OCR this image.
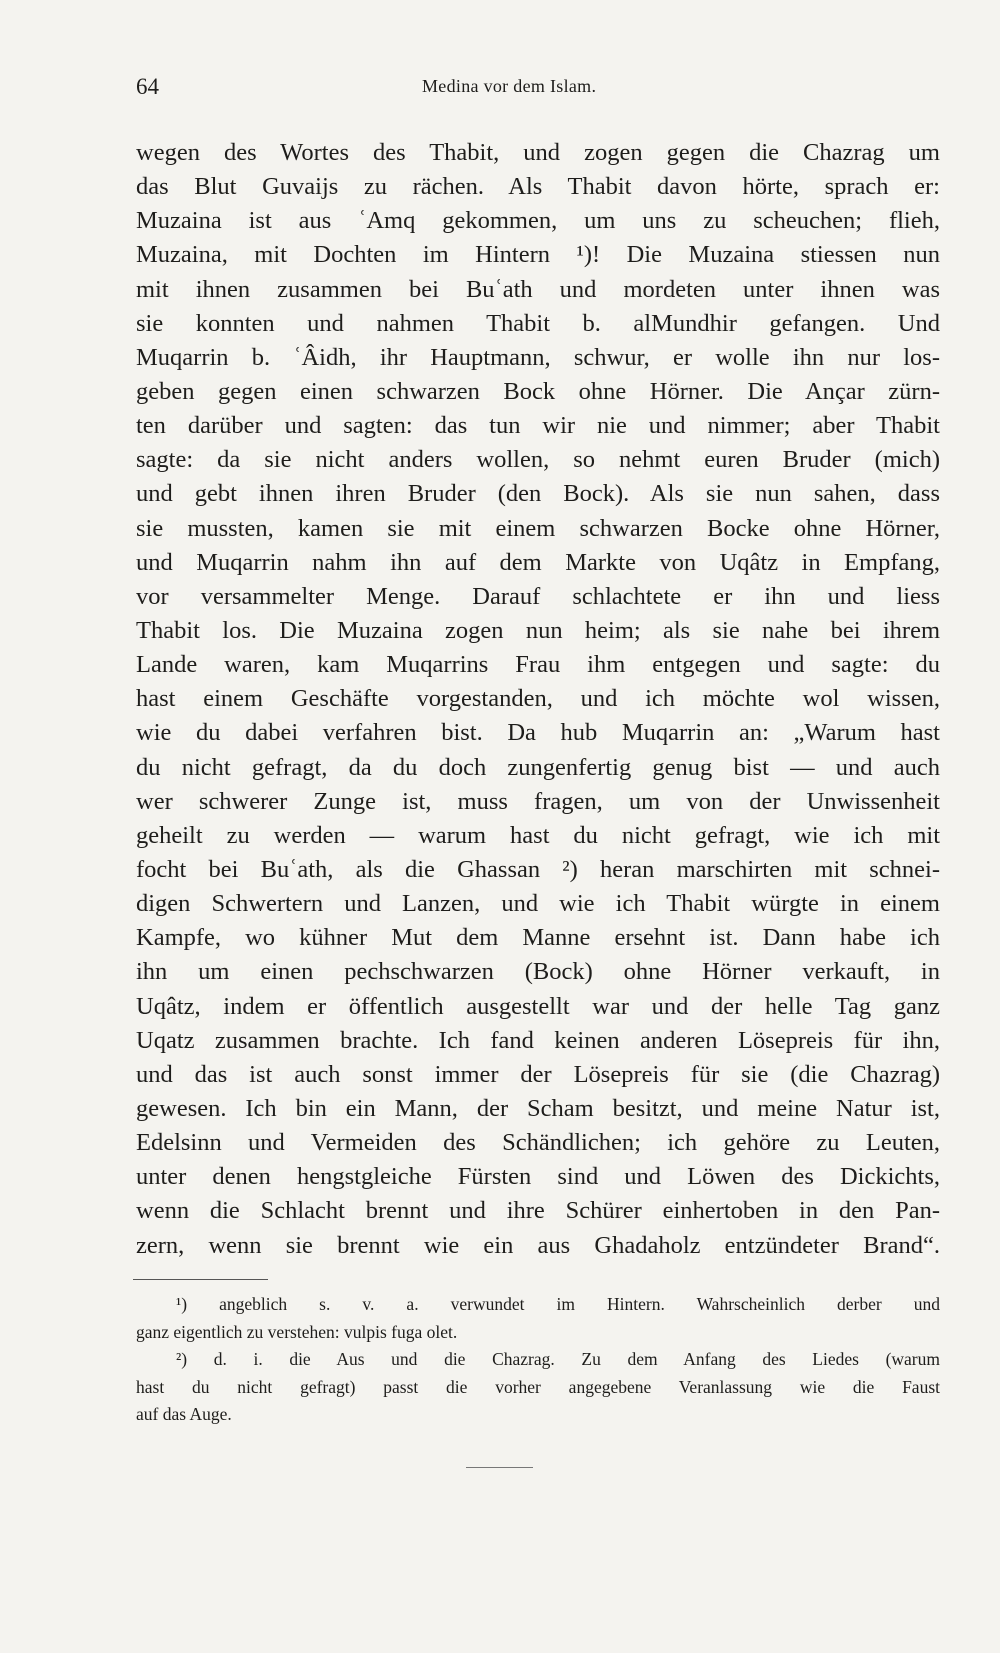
64	Medina vor dem Islam.
wegen des Wortes des Thabit, und zogen gegen die Chazrag um
das Blut Guvaijs zu rächen. Als Thabit davon hörte, sprach er:
Muzaina ist aus ʿAmq gekommen, um uns zu scheuchen; flieh,
Muzaina, mit Dochten im Hintern ¹)! Die Muzaina stiessen nun
mit ihnen zusammen bei Buʿath und mordeten unter ihnen was
sie konnten und nahmen Thabit b. alMundhir gefangen. Und
Muqarrin b. ʿÂidh, ihr Hauptmann, schwur, er wolle ihn nur los-
geben gegen einen schwarzen Bock ohne Hörner. Die Ançar zürn-
ten darüber und sagten: das tun wir nie und nimmer; aber Thabit
sagte: da sie nicht anders wollen, so nehmt euren Bruder (mich)
und gebt ihnen ihren Bruder (den Bock). Als sie nun sahen, dass
sie mussten, kamen sie mit einem schwarzen Bocke ohne Hörner,
und Muqarrin nahm ihn auf dem Markte von Uqâtz in Empfang,
vor versammelter Menge. Darauf schlachtete er ihn und liess
Thabit los. Die Muzaina zogen nun heim; als sie nahe bei ihrem
Lande waren, kam Muqarrins Frau ihm entgegen und sagte: du
hast einem Geschäfte vorgestanden, und ich möchte wol wissen,
wie du dabei verfahren bist. Da hub Muqarrin an: „Warum hast
du nicht gefragt, da du doch zungenfertig genug bist — und auch
wer schwerer Zunge ist, muss fragen, um von der Unwissenheit
geheilt zu werden — warum hast du nicht gefragt, wie ich mit
focht bei Buʿath, als die Ghassan ²) heran marschirten mit schnei-
digen Schwertern und Lanzen, und wie ich Thabit würgte in einem
Kampfe, wo kühner Mut dem Manne ersehnt ist. Dann habe ich
ihn um einen pechschwarzen (Bock) ohne Hörner verkauft, in
Uqâtz, indem er öffentlich ausgestellt war und der helle Tag ganz
Uqatz zusammen brachte. Ich fand keinen anderen Lösepreis für ihn,
und das ist auch sonst immer der Lösepreis für sie (die Chazrag)
gewesen. Ich bin ein Mann, der Scham besitzt, und meine Natur ist,
Edelsinn und Vermeiden des Schändlichen; ich gehöre zu Leuten,
unter denen hengstgleiche Fürsten sind und Löwen des Dickichts,
wenn die Schlacht brennt und ihre Schürer einhertoben in den Pan-
zern, wenn sie brennt wie ein aus Ghadaholz entzündeter Brand“.
¹) angeblich s. v. a. verwundet im Hintern. Wahrscheinlich derber und
ganz eigentlich zu verstehen: vulpis fuga olet.
²) d. i. die Aus und die Chazrag. Zu dem Anfang des Liedes (warum
hast du nicht gefragt) passt die vorher angegebene Veranlassung wie die Faust
auf das Auge.
